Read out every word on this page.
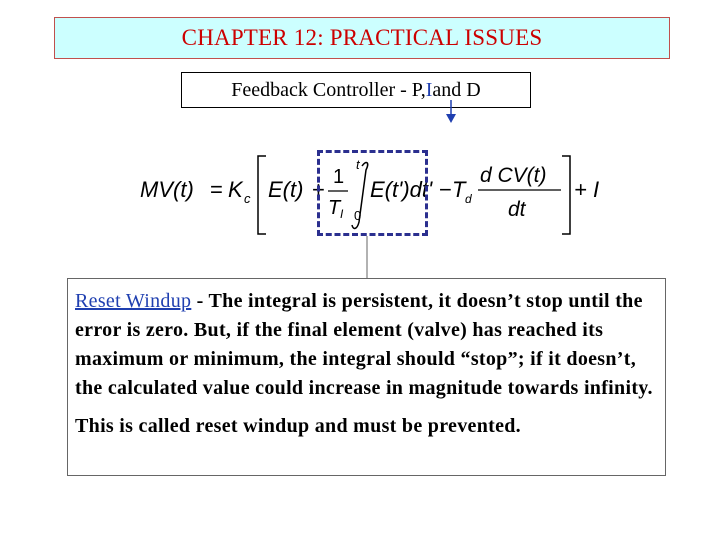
CHAPTER 12: PRACTICAL ISSUES
Feedback Controller - P, I and D
MV(t) = K c E(t) + 1
T I
t
0
E(t')dt' − T d
d CV(t)
dt
+ I
Reset Windup - The integral is persistent, it doesn’t stop until the error is zero. But, if the final element (valve) has reached its maximum or minimum, the integral should “stop”; if it doesn’t, the calculated value could increase in magnitude towards infinity.
This is called reset windup and must be prevented.
